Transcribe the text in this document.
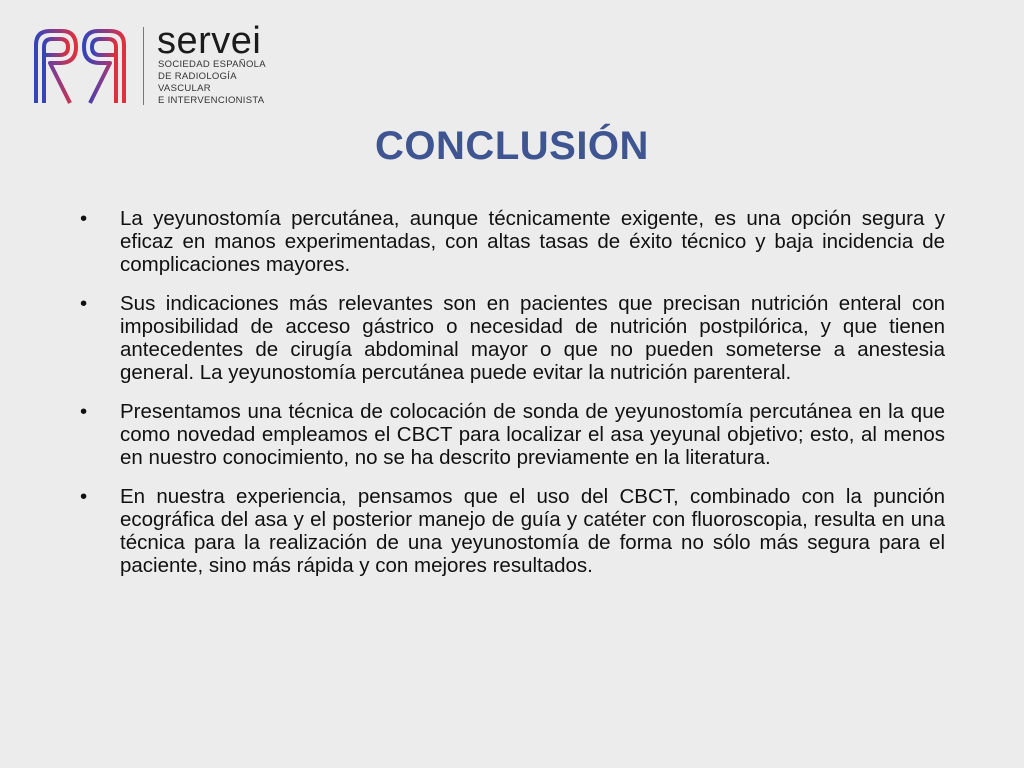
servei
SOCIEDAD ESPAÑOLA
DE RADIOLOGÍA
VASCULAR
E INTERVENCIONISTA
CONCLUSIÓN
• La yeyunostomía percutánea, aunque técnicamente exigente, es una opción segura y eficaz en manos experimentadas, con altas tasas de éxito técnico y baja incidencia de complicaciones mayores.
• Sus indicaciones más relevantes son en pacientes que precisan nutrición enteral con imposibilidad de acceso gástrico o necesidad de nutrición postpilórica, y que tienen antecedentes de cirugía abdominal mayor o que no pueden someterse a anestesia general. La yeyunostomía percutánea puede evitar la nutrición parenteral.
• Presentamos una técnica de colocación de sonda de yeyunostomía percutánea en la que como novedad empleamos el CBCT para localizar el asa yeyunal objetivo; esto, al menos en nuestro conocimiento, no se ha descrito previamente en la literatura.
• En nuestra experiencia, pensamos que el uso del CBCT, combinado con la punción ecográfica del asa y el posterior manejo de guía y catéter con fluoroscopia, resulta en una técnica para la realización de una yeyunostomía de forma no sólo más segura para el paciente, sino más rápida y con mejores resultados.
